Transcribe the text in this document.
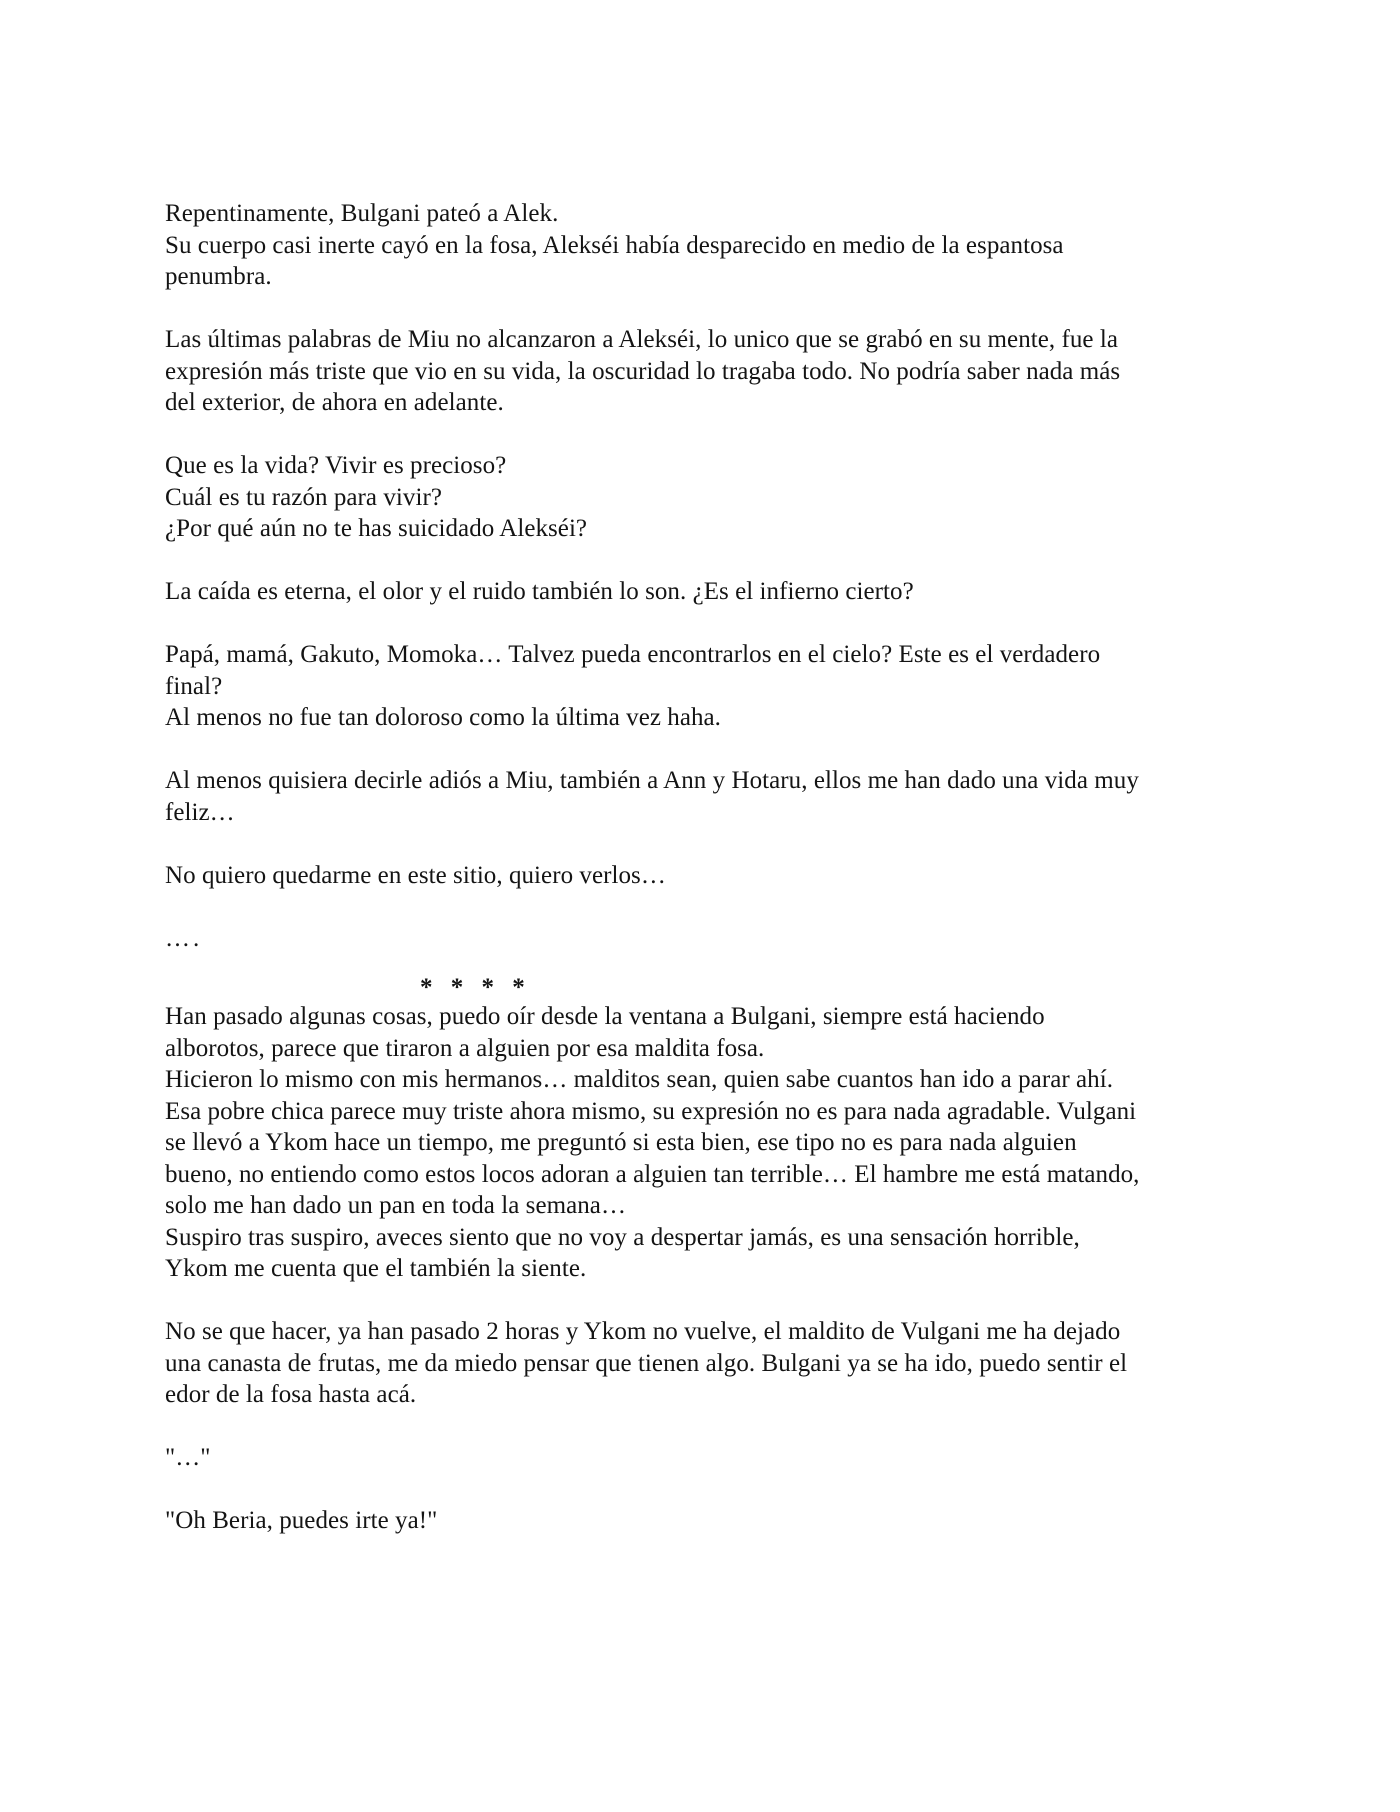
Repentinamente, Bulgani pateó a Alek.
Su cuerpo casi inerte cayó en la fosa, Alekséi había desparecido en medio de la espantosa
penumbra.
Las últimas palabras de Miu no alcanzaron a Alekséi, lo unico que se grabó en su mente, fue la
expresión más triste que vio en su vida, la oscuridad lo tragaba todo. No podría saber nada más
del exterior, de ahora en adelante.
Que es la vida? Vivir es precioso?
Cuál es tu razón para vivir?
¿Por qué aún no te has suicidado Alekséi?
La caída es eterna, el olor y el ruido también lo son. ¿Es el infierno cierto?
Papá, mamá, Gakuto, Momoka… Talvez pueda encontrarlos en el cielo? Este es el verdadero
final?
Al menos no fue tan doloroso como la última vez haha.
Al menos quisiera decirle adiós a Miu, también a Ann y Hotaru, ellos me han dado una vida muy
feliz…
No quiero quedarme en este sitio, quiero verlos…
….
* * * *
Han pasado algunas cosas, puedo oír desde la ventana a Bulgani, siempre está haciendo
alborotos, parece que tiraron a alguien por esa maldita fosa.
Hicieron lo mismo con mis hermanos… malditos sean, quien sabe cuantos han ido a parar ahí.
Esa pobre chica parece muy triste ahora mismo, su expresión no es para nada agradable. Vulgani
se llevó a Ykom hace un tiempo, me preguntó si esta bien, ese tipo no es para nada alguien
bueno, no entiendo como estos locos adoran a alguien tan terrible… El hambre me está matando,
solo me han dado un pan en toda la semana…
Suspiro tras suspiro, aveces siento que no voy a despertar jamás, es una sensación horrible,
Ykom me cuenta que el también la siente.
No se que hacer, ya han pasado 2 horas y Ykom no vuelve, el maldito de Vulgani me ha dejado
una canasta de frutas, me da miedo pensar que tienen algo. Bulgani ya se ha ido, puedo sentir el
edor de la fosa hasta acá.
"…"
"Oh Beria, puedes irte ya!"
